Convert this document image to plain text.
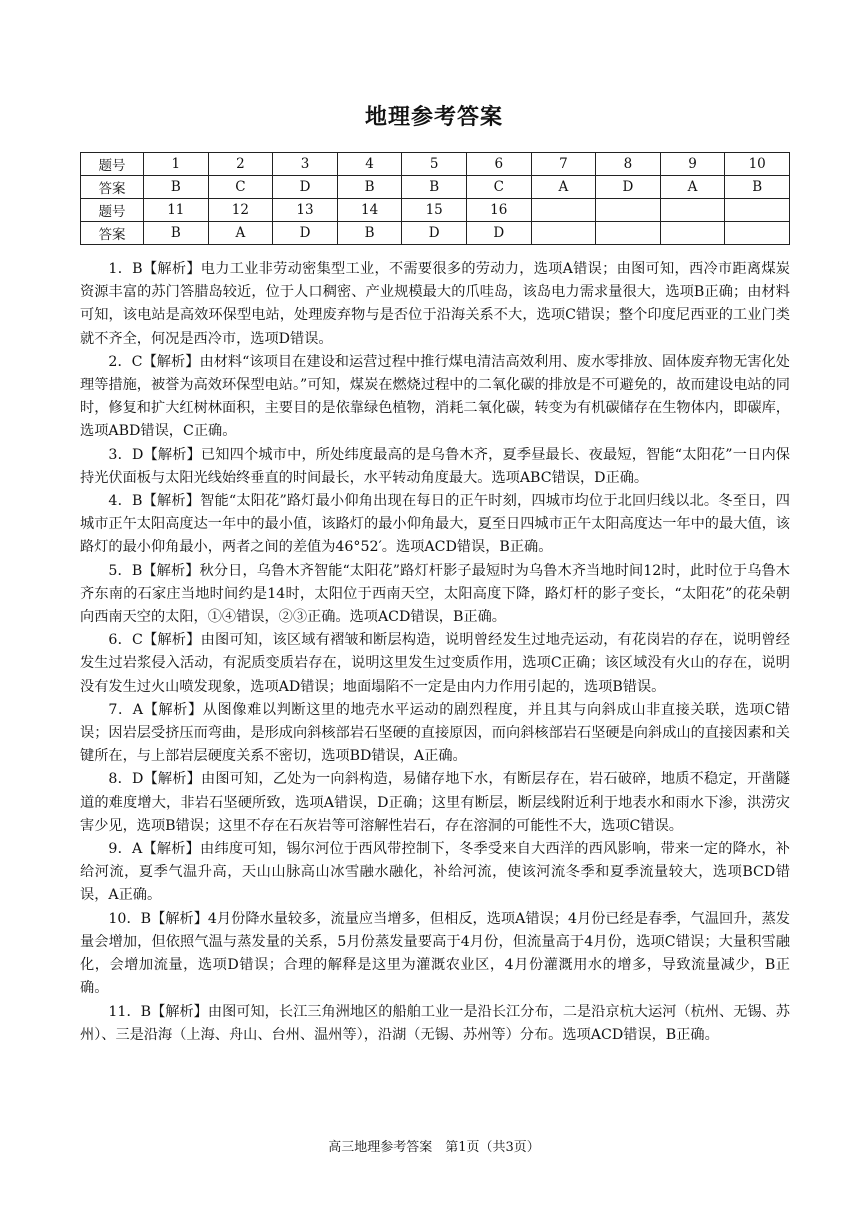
地理参考答案
题号	1	2	3	4	5	6	7	8	9	10
答案	B	C	D	B	B	C	A	D	A	B
题号	11	12	13	14	15	16				
答案	B	A	D	B	D	D				

1．B【解析】电力工业非劳动密集型工业，不需要很多的劳动力，选项A错误；由图可知，西冷市距离煤炭资源丰富的苏门答腊岛较近，位于人口稠密、产业规模最大的爪哇岛，该岛电力需求量很大，选项B正确；由材料可知，该电站是高效环保型电站，处理废弃物与是否位于沿海关系不大，选项C错误；整个印度尼西亚的工业门类就不齐全，何况是西冷市，选项D错误。

2．C【解析】由材料“该项目在建设和运营过程中推行煤电清洁高效利用、废水零排放、固体废弃物无害化处理等措施，被誉为高效环保型电站。”可知，煤炭在燃烧过程中的二氧化碳的排放是不可避免的，故而建设电站的同时，修复和扩大红树林面积，主要目的是依靠绿色植物，消耗二氧化碳，转变为有机碳储存在生物体内，即碳库，选项ABD错误，C正确。

3．D【解析】已知四个城市中，所处纬度最高的是乌鲁木齐，夏季昼最长、夜最短，智能“太阳花”一日内保持光伏面板与太阳光线始终垂直的时间最长，水平转动角度最大。选项ABC错误，D正确。

4．B【解析】智能“太阳花”路灯最小仰角出现在每日的正午时刻，四城市均位于北回归线以北。冬至日，四城市正午太阳高度达一年中的最小值，该路灯的最小仰角最大，夏至日四城市正午太阳高度达一年中的最大值，该路灯的最小仰角最小，两者之间的差值为46°52′。选项ACD错误，B正确。

5．B【解析】秋分日，乌鲁木齐智能“太阳花”路灯杆影子最短时为乌鲁木齐当地时间12时，此时位于乌鲁木齐东南的石家庄当地时间约是14时，太阳位于西南天空，太阳高度下降，路灯杆的影子变长，“太阳花”的花朵朝向西南天空的太阳，①④错误，②③正确。选项ACD错误，B正确。

6．C【解析】由图可知，该区域有褶皱和断层构造，说明曾经发生过地壳运动，有花岗岩的存在，说明曾经发生过岩浆侵入活动，有泥质变质岩存在，说明这里发生过变质作用，选项C正确；该区域没有火山的存在，说明没有发生过火山喷发现象，选项AD错误；地面塌陷不一定是由内力作用引起的，选项B错误。

7．A【解析】从图像难以判断这里的地壳水平运动的剧烈程度，并且其与向斜成山非直接关联，选项C错误；因岩层受挤压而弯曲，是形成向斜核部岩石坚硬的直接原因，而向斜核部岩石坚硬是向斜成山的直接因素和关键所在，与上部岩层硬度关系不密切，选项BD错误，A正确。

8．D【解析】由图可知，乙处为一向斜构造，易储存地下水，有断层存在，岩石破碎，地质不稳定，开凿隧道的难度增大，非岩石坚硬所致，选项A错误，D正确；这里有断层，断层线附近利于地表水和雨水下渗，洪涝灾害少见，选项B错误；这里不存在石灰岩等可溶解性岩石，存在溶洞的可能性不大，选项C错误。

9．A【解析】由纬度可知，锡尔河位于西风带控制下，冬季受来自大西洋的西风影响，带来一定的降水，补给河流，夏季气温升高，天山山脉高山冰雪融水融化，补给河流，使该河流冬季和夏季流量较大，选项BCD错误，A正确。

10．B【解析】4月份降水量较多，流量应当增多，但相反，选项A错误；4月份已经是春季，气温回升，蒸发量会增加，但依照气温与蒸发量的关系，5月份蒸发量要高于4月份，但流量高于4月份，选项C错误；大量积雪融化，会增加流量，选项D错误；合理的解释是这里为灌溉农业区，4月份灌溉用水的增多，导致流量减少，B正确。

11．B【解析】由图可知，长江三角洲地区的船舶工业一是沿长江分布，二是沿京杭大运河（杭州、无锡、苏州）、三是沿海（上海、舟山、台州、温州等），沿湖（无锡、苏州等）分布。选项ACD错误，B正确。

高三地理参考答案　第1页（共3页）
